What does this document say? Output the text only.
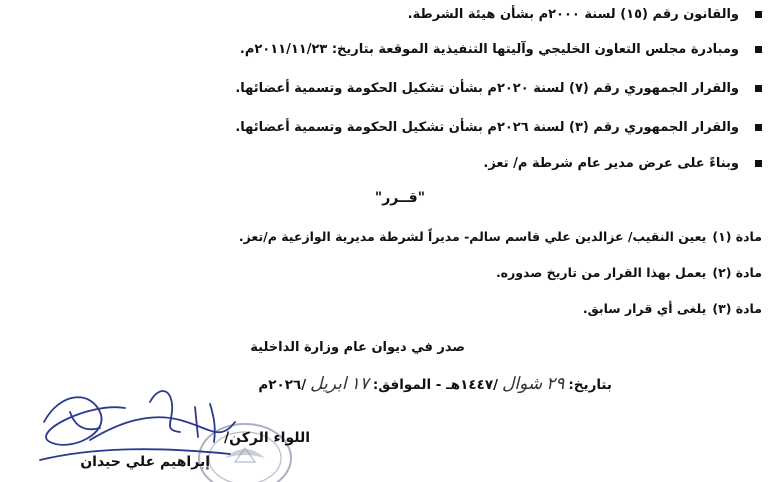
والقانون رقم (١٥) لسنة ٢٠٠٠م بشأن هيئة الشرطة.
ومبادرة مجلس التعاون الخليجي وآليتها التنفيذية الموقعة بتاريخ: ٢٠١١/١١/٢٣م.
والقرار الجمهوري رقم (٧) لسنة ٢٠٢٠م بشأن تشكيل الحكومة وتسمية أعضائها.
والقرار الجمهوري رقم (٣) لسنة ٢٠٢٦م بشأن تشكيل الحكومة وتسمية أعضائها.
وبناءً على عرض مدير عام شرطة م/ تعز.
"قــرر"
مادة (١)
يعين النقيب/ عزالدين علي قاسم سالم- مديراً لشرطة مديرية الوازعية م/تعز.
مادة (٢)
يعمل بهذا القرار من تاريخ صدوره.
مادة (٣)
يلغى أي قرار سابق.
صدر في ديوان عام وزارة الداخلية
بتاريخ:
٢٩
شوال
/١٤٤٧هـ - الموافق:
١٧
ابريل
/٢٠٢٦م
اللواء الركن/
إبراهيم علي حيدان
